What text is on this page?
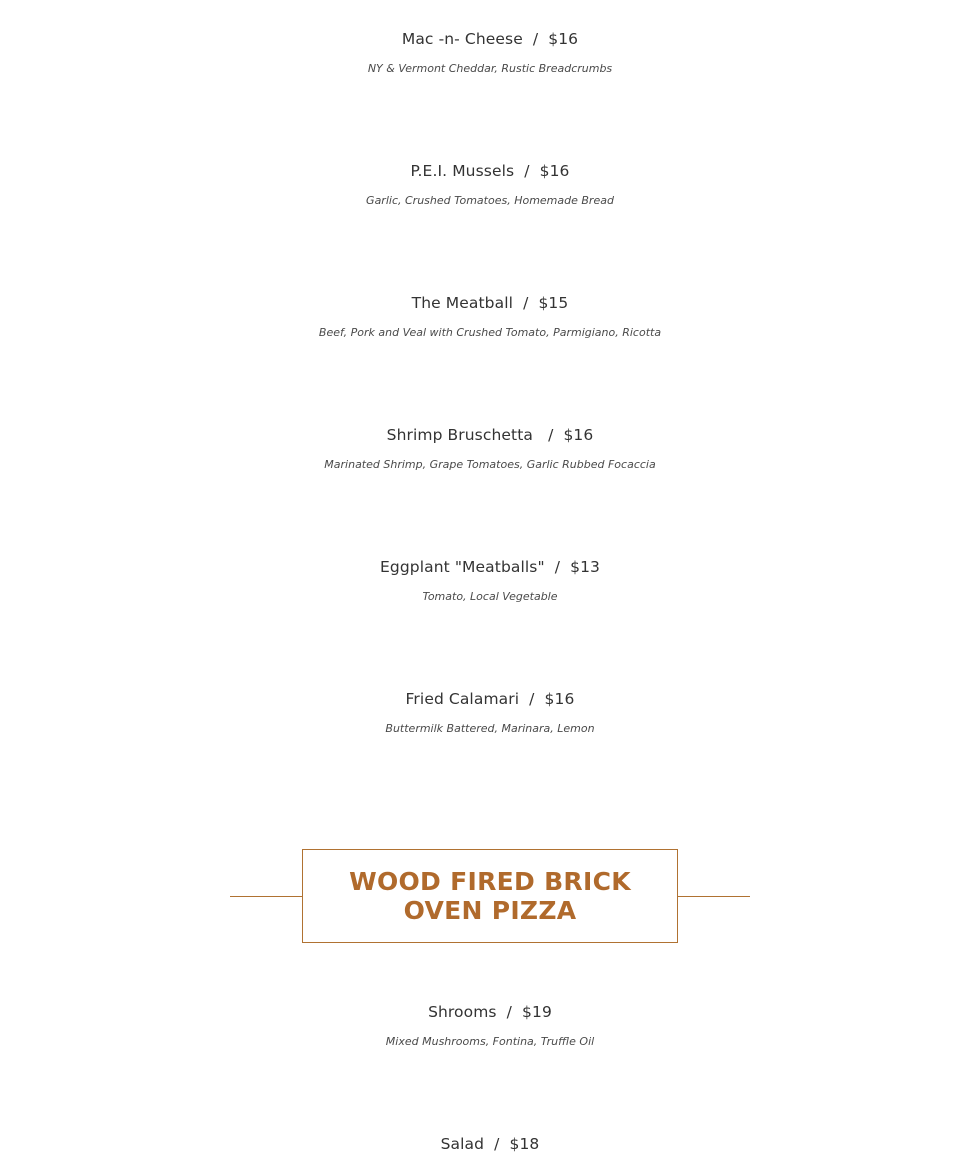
Mac -n- Cheese  /  $16
NY & Vermont Cheddar, Rustic Breadcrumbs
P.E.I. Mussels  /  $16
Garlic, Crushed Tomatoes, Homemade Bread
The Meatball  /  $15
Beef, Pork and Veal with Crushed Tomato, Parmigiano, Ricotta
Shrimp Bruschetta   /  $16
Marinated Shrimp, Grape Tomatoes, Garlic Rubbed Focaccia
Eggplant "Meatballs"  /  $13
Tomato, Local Vegetable
Fried Calamari  /  $16
Buttermilk Battered, Marinara, Lemon
WOOD FIRED BRICK OVEN PIZZA
Shrooms  /  $19
Mixed Mushrooms, Fontina, Truffle Oil
Salad  /  $18
